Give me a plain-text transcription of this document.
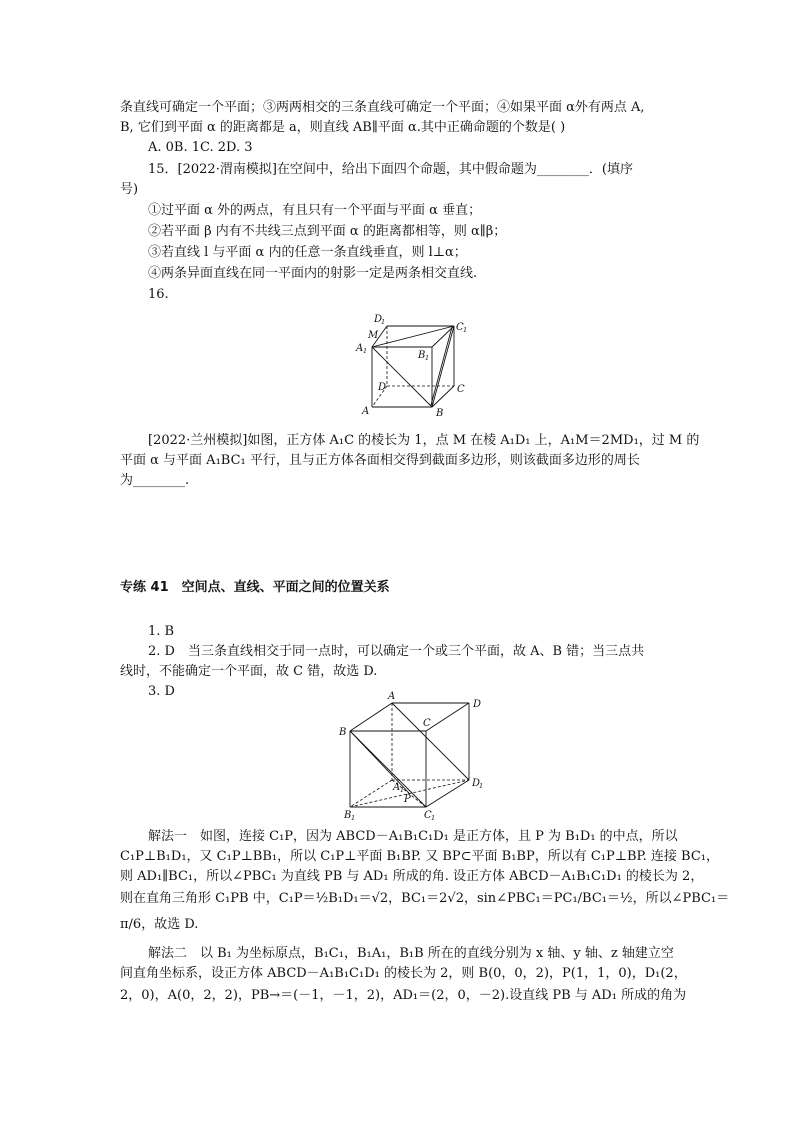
条直线可确定一个平面；③两两相交的三条直线可确定一个平面；④如果平面 α外有两点 A,
B, 它们到平面 α 的距离都是 a，则直线 AB∥平面 α.其中正确命题的个数是( )
A. 0B. 1C. 2D. 3
15．[2022·渭南模拟]在空间中，给出下面四个命题，其中假命题为________．(填序
号)
①过平面 α 外的两点，有且只有一个平面与平面 α 垂直；
②若平面 β 内有不共线三点到平面 α 的距离都相等，则 α∥β；
③若直线 l 与平面 α 内的任意一条直线垂直，则 l⊥α；
④两条异面直线在同一平面内的射影一定是两条相交直线.
16.
D
1
M
A 1	B 1
C 1
D	C
A	B
[2022·兰州模拟]如图，正方体 A₁C 的棱长为 1，点 M 在棱 A₁D₁ 上，A₁M＝2MD₁，过 M 的
平面 α 与平面 A₁BC₁ 平行，且与正方体各面相交得到截面多边形，则该截面多边形的周长
为________.
专练 41　空间点、直线、平面之间的位置关系
1. B
2. D　当三条直线相交于同一点时，可以确定一个或三个平面，故 A、B 错；当三点共
线时，不能确定一个平面，故 C 错，故选 D.
3. D	A
D
B
C
D
1
A 1
P
B 1	C 1
解法一　如图，连接 C₁P，因为 ABCD－A₁B₁C₁D₁ 是正方体，且 P 为 B₁D₁ 的中点，所以
C₁P⊥B₁D₁，又 C₁P⊥BB₁，所以 C₁P⊥平面 B₁BP. 又 BP⊂平面 B₁BP，所以有 C₁P⊥BP. 连接 BC₁，
则 AD₁∥BC₁，所以∠PBC₁ 为直线 PB 与 AD₁ 所成的角. 设正方体 ABCD－A₁B₁C₁D₁ 的棱长为 2，
则在直角三角形 C₁PB 中，C₁P＝½B₁D₁＝√2，BC₁＝2√2，sin∠PBC₁＝PC₁/BC₁＝½，所以∠PBC₁＝
π/6，故选 D.
解法二　以 B₁ 为坐标原点，B₁C₁，B₁A₁，B₁B 所在的直线分别为 x 轴、y 轴、z 轴建立空
间直角坐标系，设正方体 ABCD－A₁B₁C₁D₁ 的棱长为 2，则 B(0，0，2)，P(1，1，0)，D₁(2，
2，0)，A(0，2，2)，PB→＝(－1，－1，2)，AD₁＝(2，0，－2).设直线 PB 与 AD₁ 所成的角为
